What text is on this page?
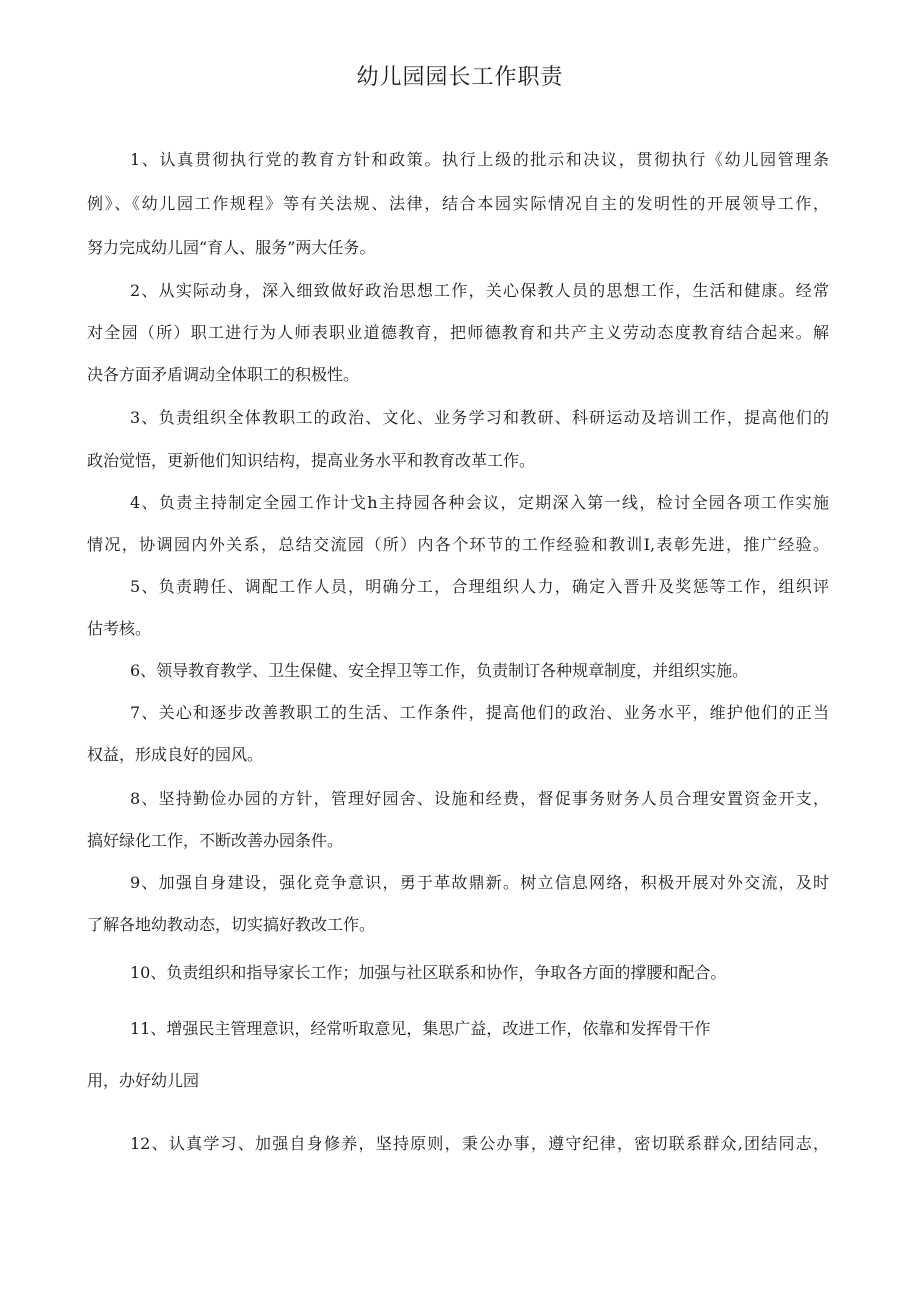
幼儿园园长工作职责
1、认真贯彻执行党的教育方针和政策。执行上级的批示和决议，贯彻执行《幼儿园管理条
例》、《幼儿园工作规程》等有关法规、法律，结合本园实际情况自主的发明性的开展领导工作，
努力完成幼儿园“育人、服务”两大任务。
2、从实际动身，深入细致做好政治思想工作，关心保教人员的思想工作，生活和健康。经常
对全园（所）职工进行为人师表职业道德教育，把师德教育和共产主义劳动态度教育结合起来。解
决各方面矛盾调动全体职工的积极性。
3、负责组织全体教职工的政治、文化、业务学习和教研、科研运动及培训工作，提高他们的
政治觉悟，更新他们知识结构，提高业务水平和教育改革工作。
4、负责主持制定全园工作计戈h主持园各种会议，定期深入第一线，检讨全园各项工作实施
情况，协调园内外关系，总结交流园（所）内各个环节的工作经验和教训I,表彰先进，推广经验。
5、负责聘任、调配工作人员，明确分工，合理组织人力，确定入晋升及奖惩等工作，组织评
估考核。
6、领导教育教学、卫生保健、安全捍卫等工作，负责制订各种规章制度，并组织实施。
7、关心和逐步改善教职工的生活、工作条件，提高他们的政治、业务水平，维护他们的正当
权益，形成良好的园风。
8、坚持勤俭办园的方针，管理好园舍、设施和经费，督促事务财务人员合理安置资金开支，
搞好绿化工作，不断改善办园条件。
9、加强自身建设，强化竞争意识，勇于革故鼎新。树立信息网络，积极开展对外交流，及时
了解各地幼教动态，切实搞好教改工作。
10、负责组织和指导家长工作；加强与社区联系和协作，争取各方面的撑腰和配合。
11、增强民主管理意识，经常听取意见，集思广益，改进工作，依靠和发挥骨干作
用，办好幼儿园
12、认真学习、加强自身修养，坚持原则，秉公办事，遵守纪律，密切联系群众,团结同志，
